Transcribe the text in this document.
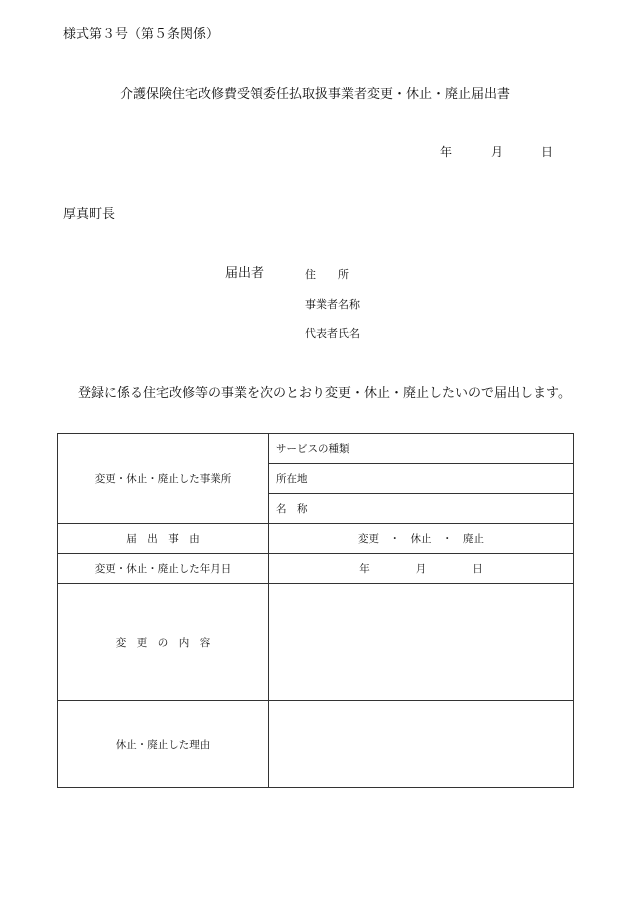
様式第３号（第５条関係）
介護保険住宅改修費受領委任払取扱事業者変更・休止・廃止届出書
年	月	日
厚真町長
届出者	住　　所
事業者名称
代表者氏名
登録に係る住宅改修等の事業を次のとおり変更・休止・廃止したいので届出します。
変更・休止・廃止した事業所	サービスの種類
	所在地
	名　称
届　出　事　由	変更　・　休止　・　廃止
変更・休止・廃止した年月日	年 月 日
変　更　の　内　容	
休止・廃止した理由	
